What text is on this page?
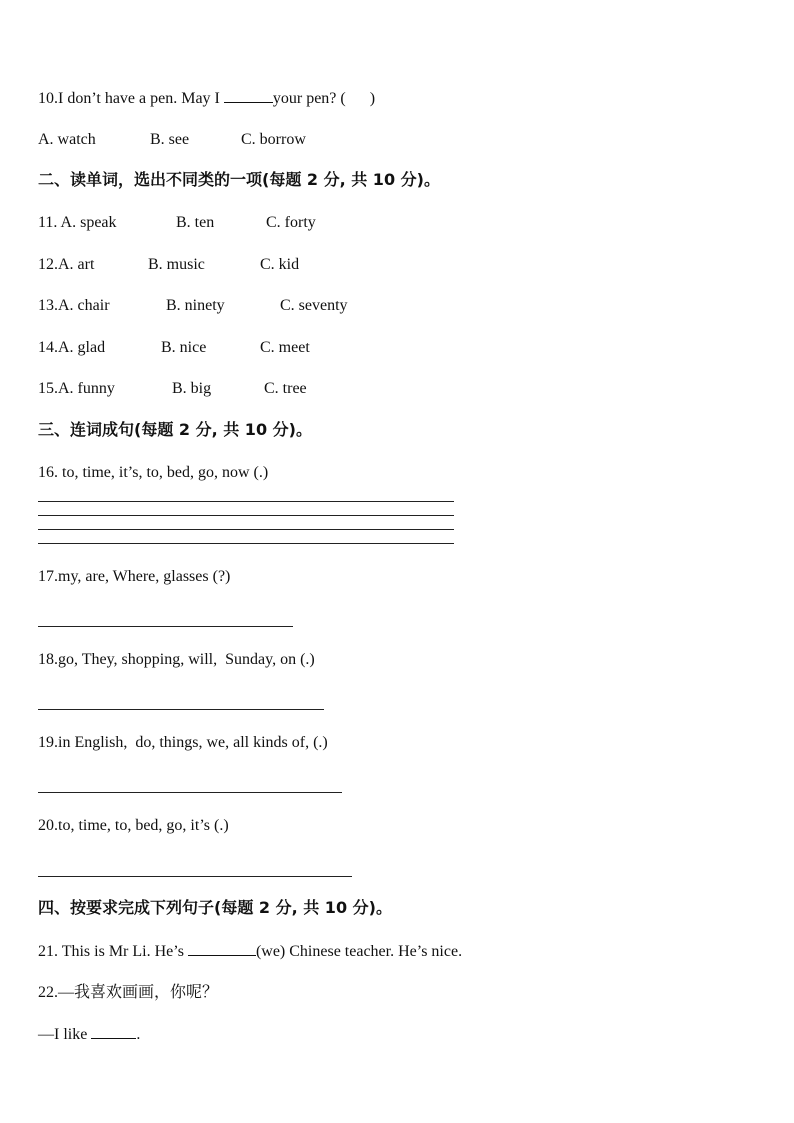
10.I don’t have a pen. May I	your pen? (      )
A. watch	B. see	C. borrow
二、读单词，选出不同类的一项(每题 2 分, 共 10 分)。
11. A. speak	B. ten	C. forty
12.A. art	B. music	C. kid
13.A. chair	B. ninety	C. seventy
14.A. glad	B. nice	C. meet
15.A. funny	B. big	C. tree
三、连词成句(每题 2 分, 共 10 分)。
16. to, time, it’s, to, bed, go, now (.)
17.my, are, Where, glasses (?)
18.go, They, shopping, will,  Sunday, on (.)
19.in English,  do, things, we, all kinds of, (.)
20.to, time, to, bed, go, it’s (.)
四、按要求完成下列句子(每题 2 分, 共 10 分)。
21. This is Mr Li. He’s	(we) Chinese teacher. He’s nice.
22.—我喜欢画画，你呢？
—I like	.
